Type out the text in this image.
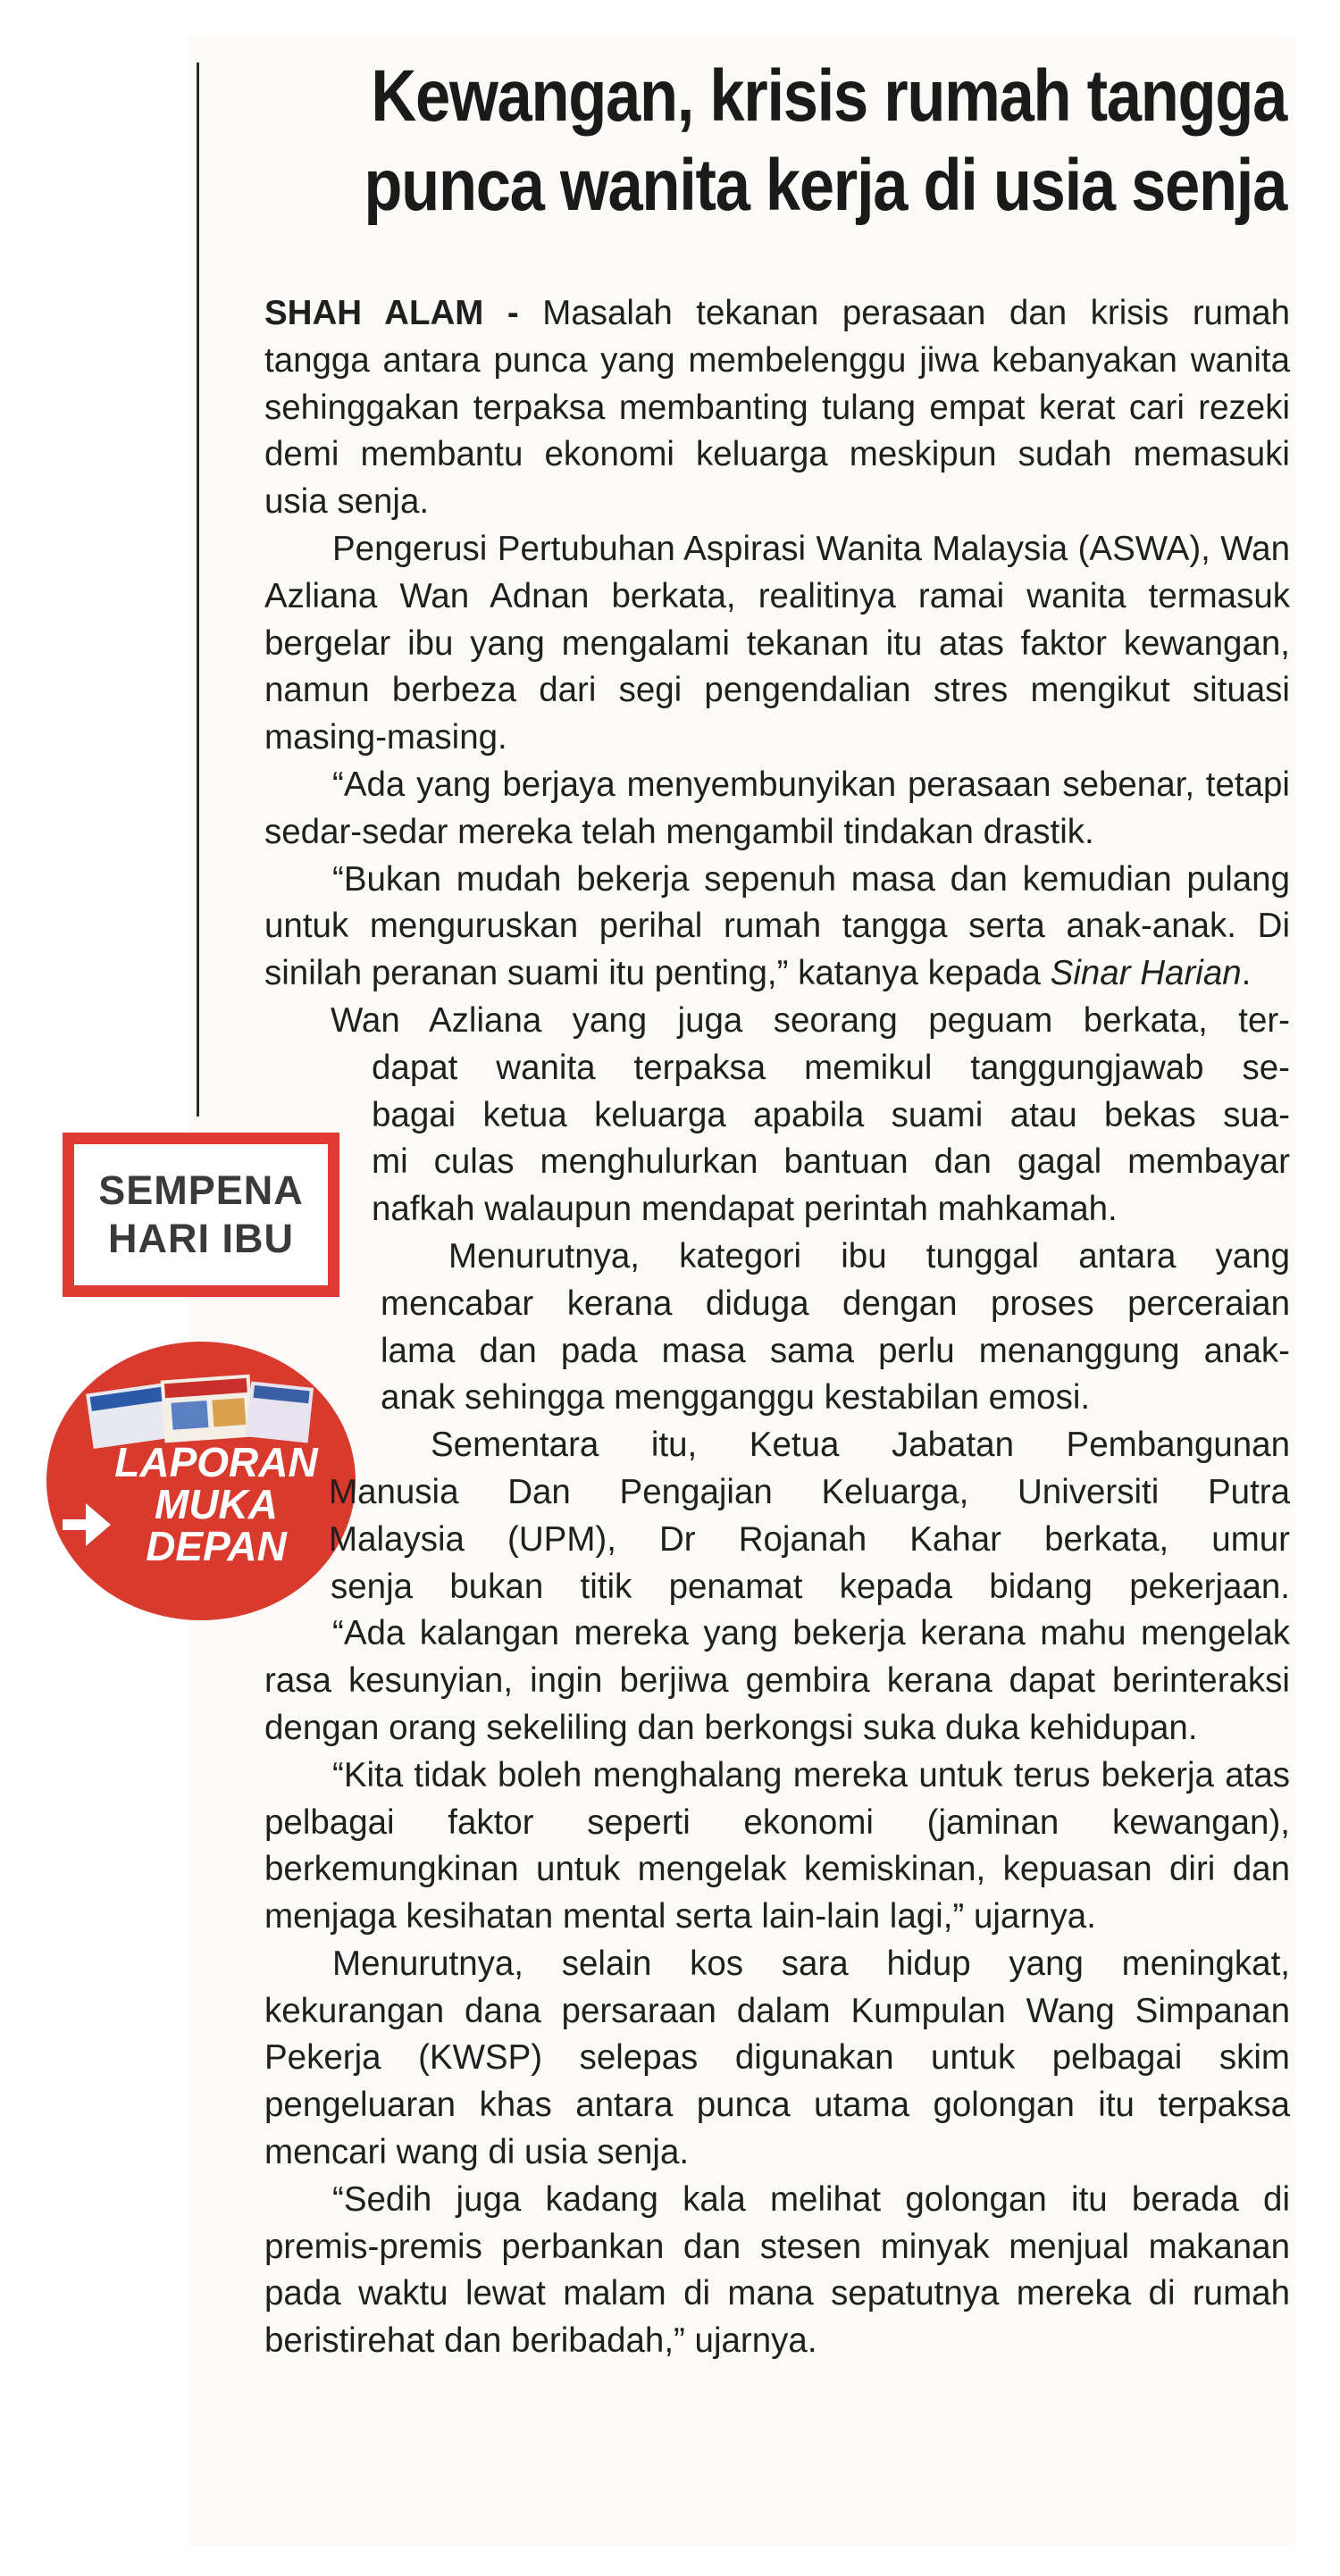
Kewangan, krisis rumah tangga
punca wanita kerja di usia senja
SEMPENA
HARI IBU
LAPORAN
MUKA
DEPAN

SHAH ALAM - Masalah tekanan perasaan dan krisis rumah tangga antara punca yang membelenggu jiwa kebanyakan wanita sehinggakan terpaksa membanting tulang empat kerat cari rezeki demi membantu ekonomi keluarga meskipun sudah memasuki usia senja.

Pengerusi Pertubuhan Aspirasi Wanita Malaysia (ASWA), Wan Azliana Wan Adnan berkata, realitinya ramai wanita termasuk bergelar ibu yang mengalami tekanan itu atas faktor kewangan, namun berbeza dari segi pengendalian stres mengikut situasi masing-masing.

“Ada yang berjaya menyembunyikan perasaan sebenar, tetapi sedar-sedar mereka telah mengambil tindakan drastik.

“Bukan mudah bekerja sepenuh masa dan kemudian pulang untuk menguruskan perihal rumah tangga serta anak-anak. Di sinilah peranan suami itu penting,” katanya kepada Sinar Harian.

Wan Azliana yang juga seorang peguam berkata, ter-
dapat wanita terpaksa memikul tanggungjawab se-
bagai ketua keluarga apabila suami atau bekas sua-
mi culas menghulurkan bantuan dan gagal membayar
nafkah walaupun mendapat perintah mahkamah.
Menurutnya, kategori ibu tunggal antara yang
mencabar kerana diduga dengan proses perceraian
lama dan pada masa sama perlu menanggung anak-
anak sehingga mengganggu kestabilan emosi.
Sementara itu, Ketua Jabatan Pembangunan
Manusia Dan Pengajian Keluarga, Universiti Putra
Malaysia (UPM), Dr Rojanah Kahar berkata, umur
senja bukan titik penamat kepada bidang pekerjaan.

“Ada kalangan mereka yang bekerja kerana mahu mengelak rasa kesunyian, ingin berjiwa gembira kerana dapat berinteraksi dengan orang sekeliling dan berkongsi suka duka kehidupan.

“Kita tidak boleh menghalang mereka untuk terus bekerja atas pelbagai faktor seperti ekonomi (jaminan kewangan), berkemungkinan untuk mengelak kemiskinan, kepuasan diri dan menjaga kesihatan mental serta lain-lain lagi,” ujarnya.

Menurutnya, selain kos sara hidup yang meningkat, kekurangan dana persaraan dalam Kumpulan Wang Simpanan Pekerja (KWSP) selepas digunakan untuk pelbagai skim pengeluaran khas antara punca utama golongan itu terpaksa mencari wang di usia senja.

“Sedih juga kadang kala melihat golongan itu berada di premis-premis perbankan dan stesen minyak menjual makanan pada waktu lewat malam di mana sepatutnya mereka di rumah beristirehat dan beribadah,” ujarnya.
